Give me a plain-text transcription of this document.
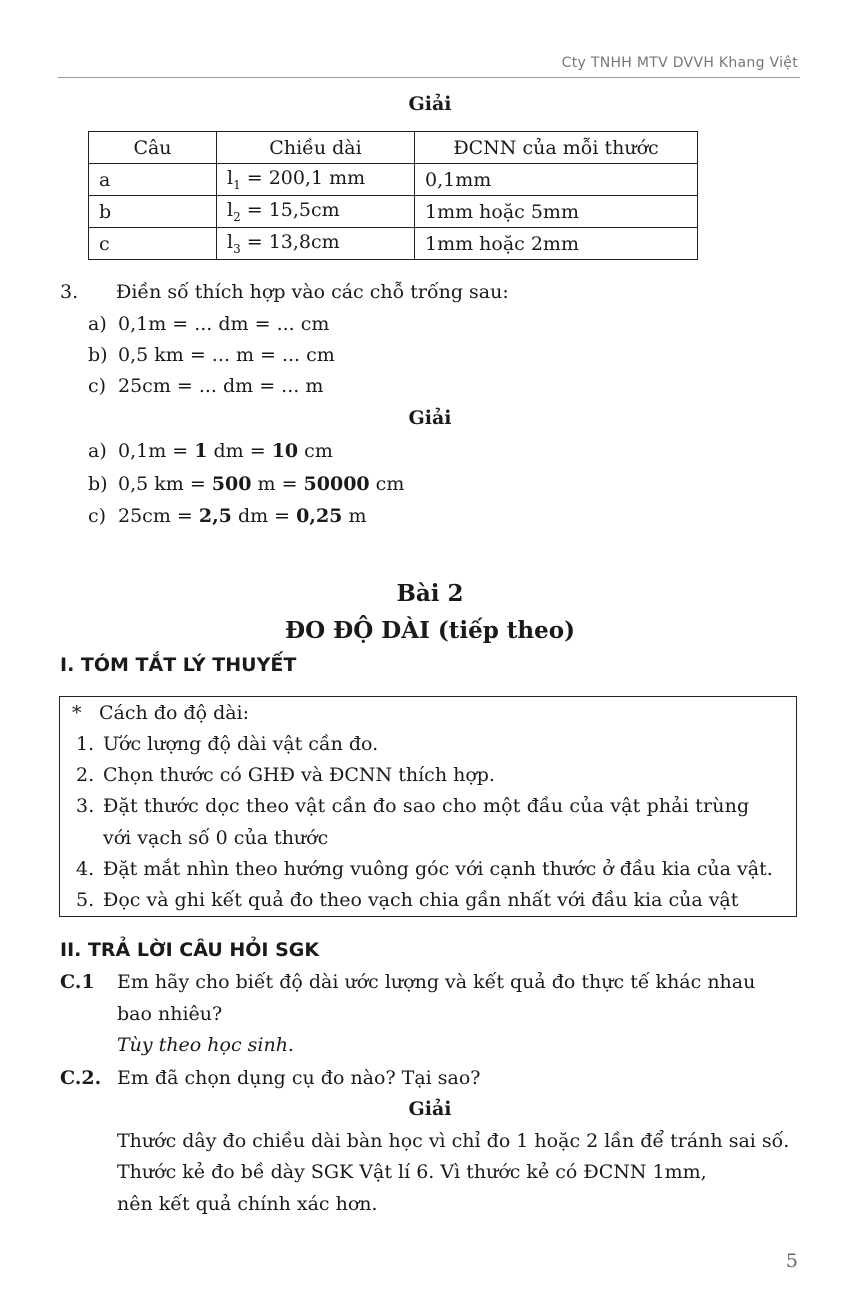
Cty TNHH MTV DVVH Khang Việt
Giải
Câu	Chiều dài	ĐCNN của mỗi thước
a	$l_1 = 200,1$ mm	0,1mm
b	$l_2 = 15,5cm$	1mm hoặc 5mm
c	$l_3 = 13,8cm$	1mm hoặc 2mm
3. Điền số thích hợp vào các chỗ trống sau:
a) 0,1m = ... dm = ... cm
b) 0,5 km = ... m = ... cm
c) 25cm = ... dm = ... m
Giải
a) 0,1m = 1 dm = 10 cm
b) 0,5 km = 500 m = 50000 cm
c) 25cm = 2,5 dm = 0,25 m
Bài 2
ĐO ĐỘ DÀI (tiếp theo)
I. TÓM TẮT LÝ THUYẾT
* Cách đo độ dài:
1. Ước lượng độ dài vật cần đo.
2. Chọn thước có GHĐ và ĐCNN thích hợp.
3. Đặt thước dọc theo vật cần đo sao cho một đầu của vật phải trùng
với vạch số 0 của thước
4. Đặt mắt nhìn theo hướng vuông góc với cạnh thước ở đầu kia của vật.
5. Đọc và ghi kết quả đo theo vạch chia gần nhất với đầu kia của vật
II. TRẢ LỜI CÂU HỎI SGK
C.1 Em hãy cho biết độ dài ước lượng và kết quả đo thực tế khác nhau
bao nhiêu?
Tùy theo học sinh.
C.2. Em đã chọn dụng cụ đo nào? Tại sao?
Giải
Thước dây đo chiều dài bàn học vì chỉ đo 1 hoặc 2 lần để tránh sai số.
Thước kẻ đo bề dày SGK Vật lí 6. Vì thước kẻ có ĐCNN 1mm,
nên kết quả chính xác hơn.
5
